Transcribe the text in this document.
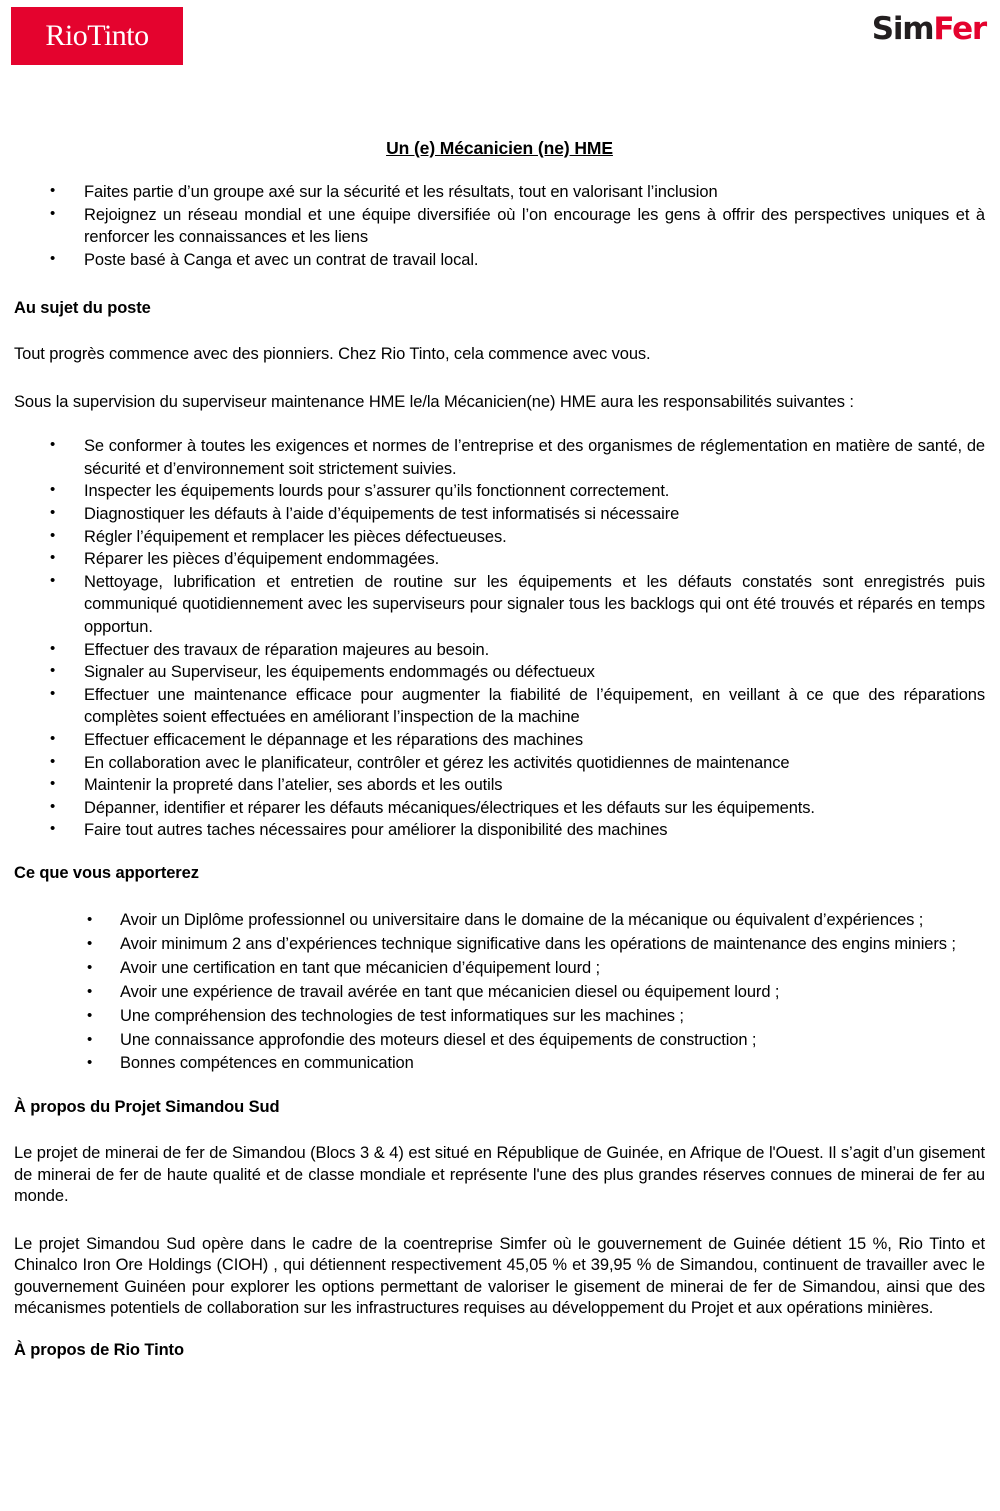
RioTinto	SimFer
Un (e) Mécanicien (ne) HME
• Faites partie d’un groupe axé sur la sécurité et les résultats, tout en valorisant l’inclusion
• Rejoignez un réseau mondial et une équipe diversifiée où l’on encourage les gens à offrir des perspectives uniques et à renforcer les connaissances et les liens
• Poste basé à Canga et avec un contrat de travail local.
Au sujet du poste

Tout progrès commence avec des pionniers. Chez Rio Tinto, cela commence avec vous.

Sous la supervision du superviseur maintenance HME le/la Mécanicien(ne) HME aura les responsabilités suivantes :

• Se conformer à toutes les exigences et normes de l’entreprise et des organismes de réglementation en matière de santé, de sécurité et d’environnement soit strictement suivies.
• Inspecter les équipements lourds pour s’assurer qu’ils fonctionnent correctement.
• Diagnostiquer les défauts à l’aide d’équipements de test informatisés si nécessaire
• Régler l’équipement et remplacer les pièces défectueuses.
• Réparer les pièces d’équipement endommagées.
• Nettoyage, lubrification et entretien de routine sur les équipements et les défauts constatés sont enregistrés puis communiqué quotidiennement avec les superviseurs pour signaler tous les backlogs qui ont été trouvés et réparés en temps opportun.
• Effectuer des travaux de réparation majeures au besoin.
• Signaler au Superviseur, les équipements endommagés ou défectueux
• Effectuer une maintenance efficace pour augmenter la fiabilité de l’équipement, en veillant à ce que des réparations complètes soient effectuées en améliorant l’inspection de la machine
• Effectuer efficacement le dépannage et les réparations des machines
• En collaboration avec le planificateur, contrôler et gérez les activités quotidiennes de maintenance
• Maintenir la propreté dans l’atelier, ses abords et les outils
• Dépanner, identifier et réparer les défauts mécaniques/électriques et les défauts sur les équipements.
• Faire tout autres taches nécessaires pour améliorer la disponibilité des machines
Ce que vous apporterez
• Avoir un Diplôme professionnel ou universitaire dans le domaine de la mécanique ou équivalent d’expériences ;
• Avoir minimum 2 ans d’expériences technique significative dans les opérations de maintenance des engins miniers ;
• Avoir une certification en tant que mécanicien d’équipement lourd ;
• Avoir une expérience de travail avérée en tant que mécanicien diesel ou équipement lourd ;
• Une compréhension des technologies de test informatiques sur les machines ;
• Une connaissance approfondie des moteurs diesel et des équipements de construction ;
• Bonnes compétences en communication
À propos du Projet Simandou Sud

Le projet de minerai de fer de Simandou (Blocs 3 & 4) est situé en République de Guinée, en Afrique de l'Ouest. Il s’agit d’un gisement de minerai de fer de haute qualité et de classe mondiale et représente l'une des plus grandes réserves connues de minerai de fer au monde.

Le projet Simandou Sud opère dans le cadre de la coentreprise Simfer où le gouvernement de Guinée détient 15 %, Rio Tinto et Chinalco Iron Ore Holdings (CIOH) , qui détiennent respectivement 45,05 % et 39,95 % de Simandou, continuent de travailler avec le gouvernement Guinéen pour explorer les options permettant de valoriser le gisement de minerai de fer de Simandou, ainsi que des mécanismes potentiels de collaboration sur les infrastructures requises au développement du Projet et aux opérations minières.

À propos de Rio Tinto
